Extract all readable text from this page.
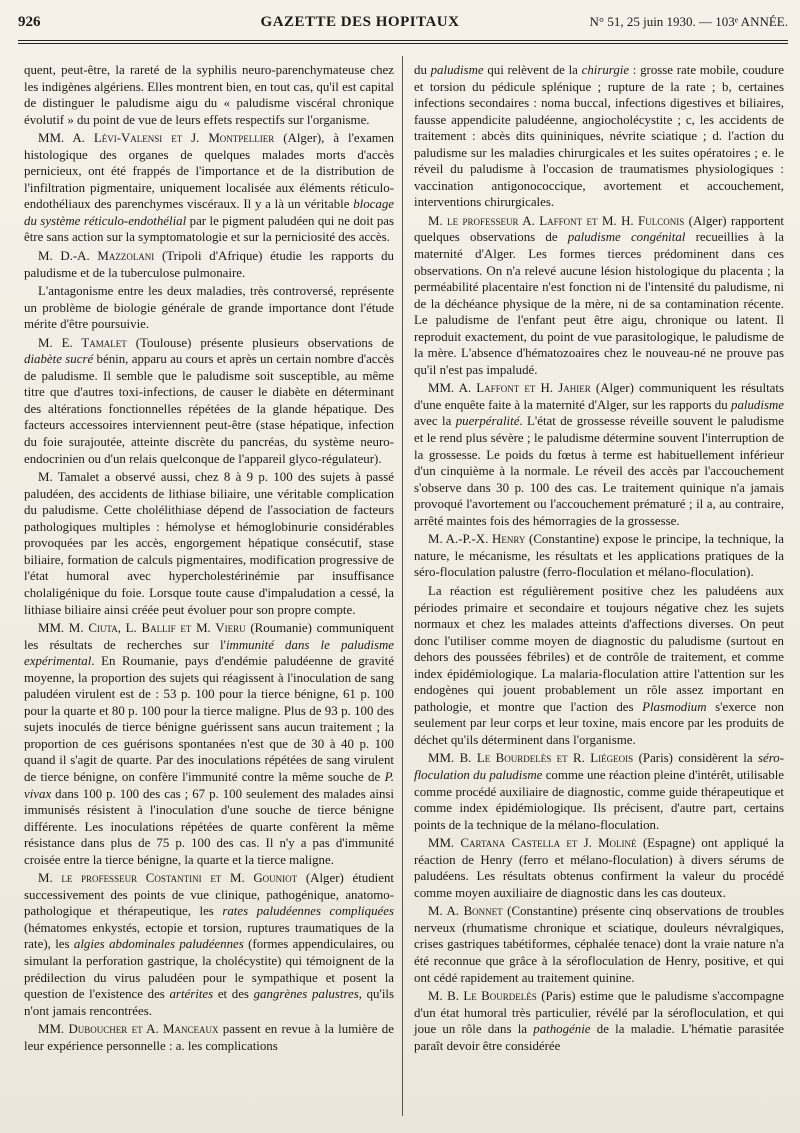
926	GAZETTE DES HOPITAUX	N° 51, 25 juin 1930. — 103ᵉ ANNÉE.

quent, peut-être, la rareté de la syphilis neuro-parenchymateuse chez les indigènes algériens. Elles montrent bien, en tout cas, qu'il est capital de distinguer le paludisme aigu du « paludisme viscéral chronique évolutif » du point de vue de leurs effets respectifs sur l'organisme.

MM. A. Lévi-Valensi et J. Montpellier (Alger), à l'examen histologique des organes de quelques malades morts d'accès pernicieux, ont été frappés de l'importance et de la distribution de l'infiltration pigmentaire, uniquement localisée aux éléments réticulo-endothéliaux des parenchymes viscéraux. Il y a là un véritable blocage du système réticulo-endothélial par le pigment paludéen qui ne doit pas être sans action sur la symptomatologie et sur la perniciosité des accès.

M. D.-A. Mazzolani (Tripoli d'Afrique) étudie les rapports du paludisme et de la tuberculose pulmonaire.

L'antagonisme entre les deux maladies, très controversé, représente un problème de biologie générale de grande importance dont l'étude mérite d'être poursuivie.

M. E. Tamalet (Toulouse) présente plusieurs observations de diabète sucré bénin, apparu au cours et après un certain nombre d'accès de paludisme. Il semble que le paludisme soit susceptible, au même titre que d'autres toxi-infections, de causer le diabète en déterminant des altérations fonctionnelles répétées de la glande hépatique. Des facteurs accessoires interviennent peut-être (stase hépatique, infection du foie surajoutée, atteinte discrète du pancréas, du système neuro-endocrinien ou d'un relais quelconque de l'appareil glyco-régulateur).

M. Tamalet a observé aussi, chez 8 à 9 p. 100 des sujets à passé paludéen, des accidents de lithiase biliaire, une véritable complication du paludisme. Cette cholélithiase dépend de l'association de facteurs pathologiques multiples : hémolyse et hémoglobinurie considérables provoquées par les accès, engorgement hépatique consécutif, stase biliaire, formation de calculs pigmentaires, modification progressive de l'état humoral avec hypercholestérinémie par insuffisance cholaligénique du foie. Lorsque toute cause d'impaludation a cessé, la lithiase biliaire ainsi créée peut évoluer pour son propre compte.

MM. M. Ciuta, L. Ballif et M. Vieru (Roumanie) communiquent les résultats de recherches sur l'immunité dans le paludisme expérimental. En Roumanie, pays d'endémie paludéenne de gravité moyenne, la proportion des sujets qui réagissent à l'inoculation de sang paludéen virulent est de : 53 p. 100 pour la tierce bénigne, 61 p. 100 pour la quarte et 80 p. 100 pour la tierce maligne. Plus de 93 p. 100 des sujets inoculés de tierce bénigne guérissent sans aucun traitement ; la proportion de ces guérisons spontanées n'est que de 30 à 40 p. 100 quand il s'agit de quarte. Par des inoculations répétées de sang virulent de tierce bénigne, on confère l'immunité contre la même souche de P. vivax dans 100 p. 100 des cas ; 67 p. 100 seulement des malades ainsi immunisés résistent à l'inoculation d'une souche de tierce bénigne différente. Les inoculations répétées de quarte confèrent la même résistance dans plus de 75 p. 100 des cas. Il n'y a pas d'immunité croisée entre la tierce bénigne, la quarte et la tierce maligne.

M. le professeur Costantini et M. Gouniot (Alger) étudient successivement des points de vue clinique, pathogénique, anatomo-pathologique et thérapeutique, les rates paludéennes compliquées (hématomes enkystés, ectopie et torsion, ruptures traumatiques de la rate), les algies abdominales paludéennes (formes appendiculaires, ou simulant la perforation gastrique, la cholécystite) qui témoignent de la prédilection du virus paludéen pour le sympathique et posent la question de l'existence des artérites et des gangrènes palustres, qu'ils n'ont jamais rencontrées.

MM. Duboucher et A. Manceaux passent en revue à la lumière de leur expérience personnelle : a. les complications

du paludisme qui relèvent de la chirurgie : grosse rate mobile, coudure et torsion du pédicule splénique ; rupture de la rate ; b, certaines infections secondaires : noma buccal, infections digestives et biliaires, fausse appendicite paludéenne, angiocholécystite ; c, les accidents de traitement : abcès dits quininiques, névrite sciatique ; d. l'action du paludisme sur les maladies chirurgicales et les suites opératoires ; e. le réveil du paludisme à l'occasion de traumatismes physiologiques : vaccination antigonococcique, avortement et accouchement, interventions chirurgicales.

M. le professeur A. Laffont et M. H. Fulconis (Alger) rapportent quelques observations de paludisme congénital recueillies à la maternité d'Alger. Les formes tierces prédominent dans ces observations. On n'a relevé aucune lésion histologique du placenta ; la perméabilité placentaire n'est fonction ni de l'intensité du paludisme, ni de la déchéance physique de la mère, ni de sa contamination récente. Le paludisme de l'enfant peut être aigu, chronique ou latent. Il reproduit exactement, du point de vue parasitologique, le paludisme de la mère. L'absence d'hématozoaires chez le nouveau-né ne prouve pas qu'il n'est pas impaludé.

MM. A. Laffont et H. Jahier (Alger) communiquent les résultats d'une enquête faite à la maternité d'Alger, sur les rapports du paludisme avec la puerpéralité. L'état de grossesse réveille souvent le paludisme et le rend plus sévère ; le paludisme détermine souvent l'interruption de la grossesse. Le poids du fœtus à terme est habituellement inférieur d'un cinquième à la normale. Le réveil des accès par l'accouchement s'observe dans 30 p. 100 des cas. Le traitement quinique n'a jamais provoqué l'avortement ou l'accouchement prématuré ; il a, au contraire, arrêté maintes fois des hémorragies de la grossesse.

M. A.-P.-X. Henry (Constantine) expose le principe, la technique, la nature, le mécanisme, les résultats et les applications pratiques de la séro-floculation palustre (ferro-floculation et mélano-floculation).

La réaction est régulièrement positive chez les paludéens aux périodes primaire et secondaire et toujours négative chez les sujets normaux et chez les malades atteints d'affections diverses. On peut donc l'utiliser comme moyen de diagnostic du paludisme (surtout en dehors des poussées fébriles) et de contrôle de traitement, et comme index épidémiologique. La malaria-floculation attire l'attention sur les endogènes qui jouent probablement un rôle assez important en pathologie, et montre que l'action des Plasmodium s'exerce non seulement par leur corps et leur toxine, mais encore par les produits de déchet qu'ils déterminent dans l'organisme.

MM. B. Le Bourdelès et R. Liégeois (Paris) considèrent la séro-floculation du paludisme comme une réaction pleine d'intérêt, utilisable comme procédé auxiliaire de diagnostic, comme guide thérapeutique et comme index épidémiologique. Ils précisent, d'autre part, certains points de la technique de la mélano-floculation.

MM. Cartana Castella et J. Moliné (Espagne) ont appliqué la réaction de Henry (ferro et mélano-floculation) à divers sérums de paludéens. Les résultats obtenus confirment la valeur du procédé comme moyen auxiliaire de diagnostic dans les cas douteux.

M. A. Bonnet (Constantine) présente cinq observations de troubles nerveux (rhumatisme chronique et sciatique, douleurs névralgiques, crises gastriques tabétiformes, céphalée tenace) dont la vraie nature n'a été reconnue que grâce à la sérofloculation de Henry, positive, et qui ont cédé rapidement au traitement quinine.

M. B. Le Bourdelès (Paris) estime que le paludisme s'accompagne d'un état humoral très particulier, révélé par la sérofloculation, et qui joue un rôle dans la pathogénie de la maladie. L'hématie parasitée paraît devoir être considérée
